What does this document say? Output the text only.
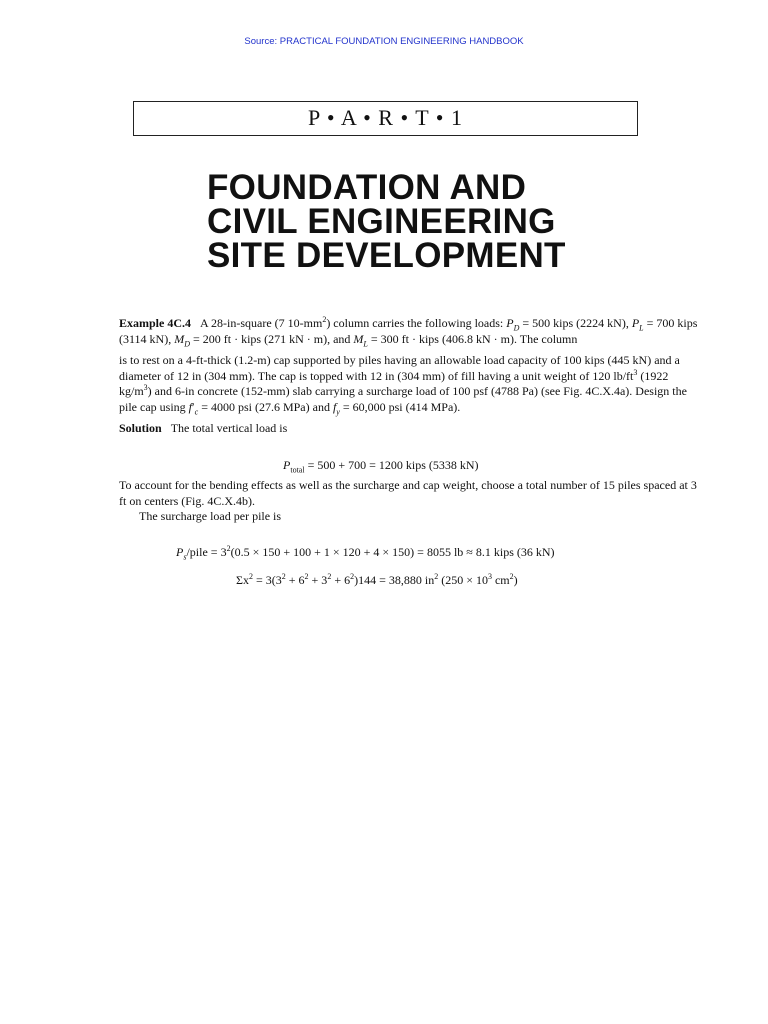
Source: PRACTICAL FOUNDATION ENGINEERING HANDBOOK
P • A • R • T • 1
FOUNDATION AND
CIVIL ENGINEERING
SITE DEVELOPMENT

Example 4C.4 A 28-in-square (7 $10-mm^2$) column carries the following loads: $P_D = 500$ kips (2224 kN), $P_L = 700$ kips (3114 kN), $M_D = 200$ ft · kips (271 kN · m), and $M_L = 300$ ft · kips (406.8 kN · m). The column

is to rest on a 4-ft-thick (1.2-m) cap supported by piles having an allowable load capacity of 100 kips (445 kN) and a diameter of 12 in (304 mm). The cap is topped with 12 in (304 mm) of fill having a unit weight of 120 $lb/ft^3$ (1922 $kg/m^3$) and 6-in concrete (152-mm) slab carrying a surcharge load of 100 psf (4788 Pa) (see Fig. 4C.X.4a). Design the pile cap using $f'_c = 4000$ psi (27.6 MPa) and $f_y = 60,000$ psi (414 MPa).

Solution The total vertical load is

$P_{total} = 500 + 700 = 1200$ kips (5338 kN)

To account for the bending effects as well as the surcharge and cap weight, choose a total number of 15 piles spaced at 3 ft on centers (Fig. 4C.X.4b).

The surcharge load per pile is

$P_s$/pile = $3^2(0.5 \times 150 + 100 + 1 \times 120 + 4 \times 150) = 8055$ lb ≈ 8.1 kips (36 kN)
$\Sigma x^2 = 3(3^2 + 6^2 + 3^2 + 6^2)144 = 38,880$ $in^2$ ($250 \times 10^3$ $cm^2$)
